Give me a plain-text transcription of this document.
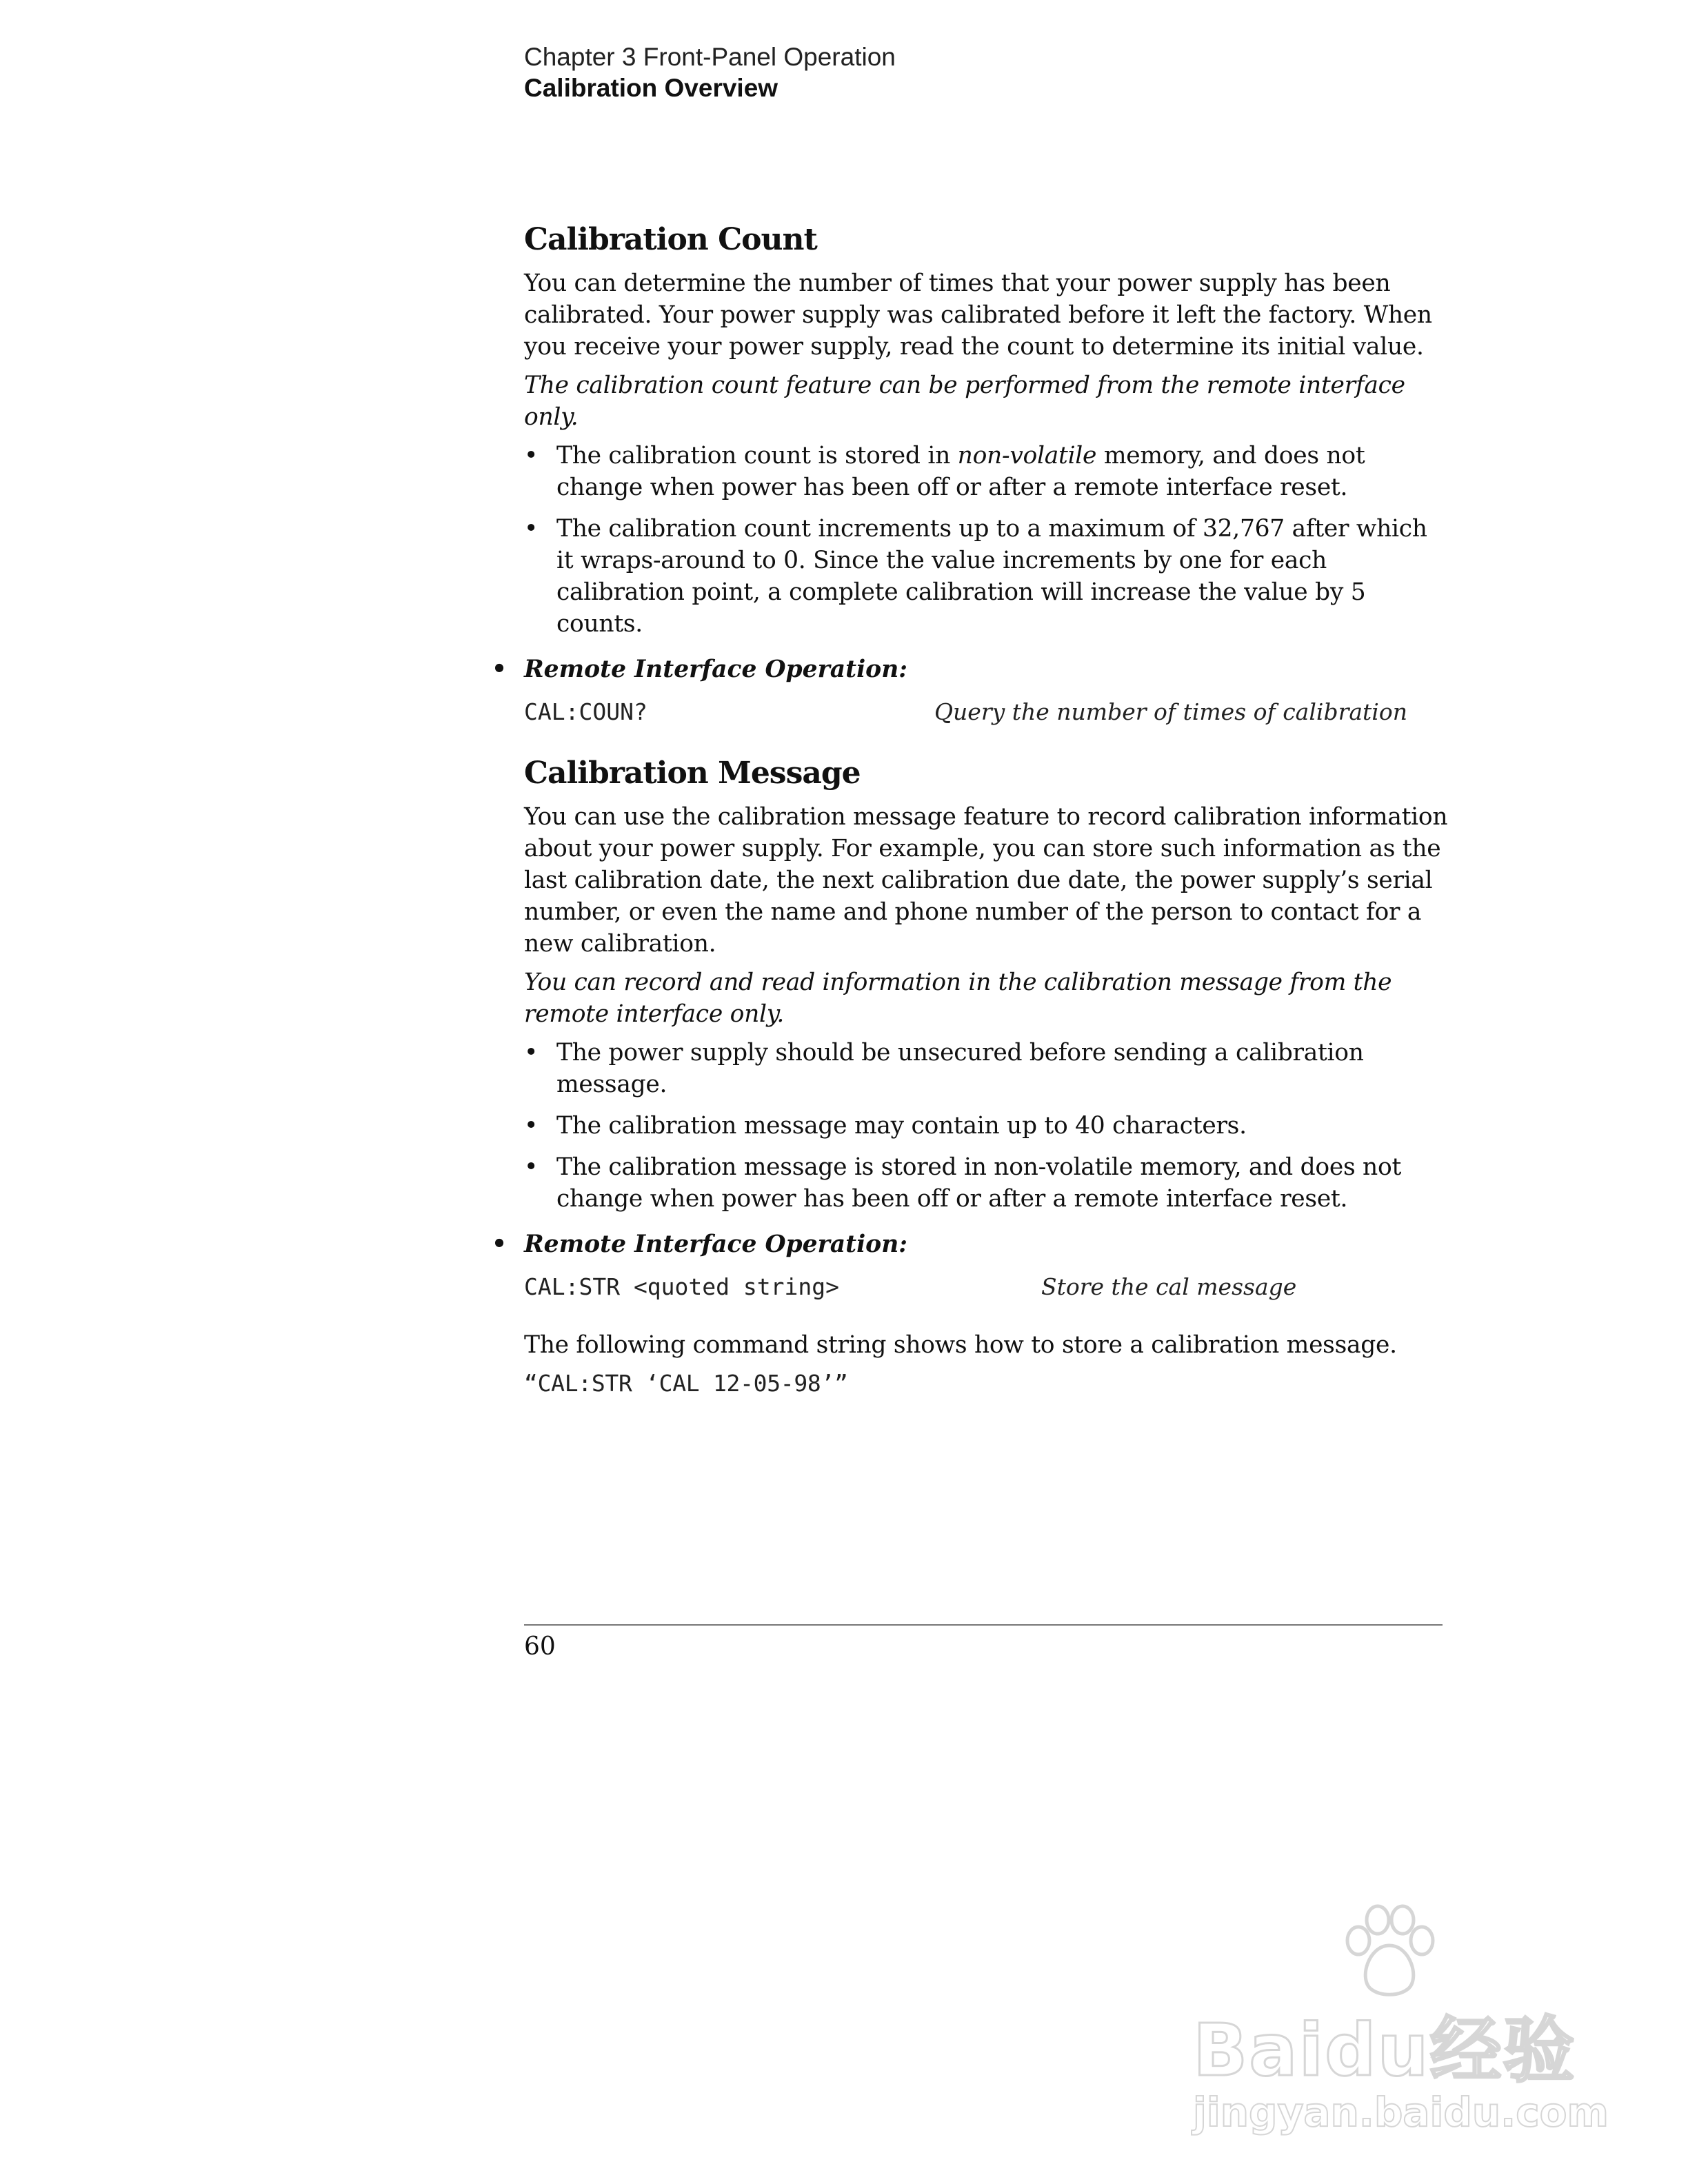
Chapter 3 Front-Panel Operation
Calibration Overview
Calibration Count

You can determine the number of times that your power supply has been calibrated. Your power supply was calibrated before it left the factory. When you receive your power supply, read the count to determine its initial value.

The calibration count feature can be performed from the remote interface only.

• The calibration count is stored in non-volatile memory, and does not change when power has been off or after a remote interface reset.
• The calibration count increments up to a maximum of 32,767 after which it wraps-around to 0. Since the value increments by one for each calibration point, a complete calibration will increase the value by 5 counts.
• Remote Interface Operation:
CAL:COUN?	Query the number of times of calibration
Calibration Message

You can use the calibration message feature to record calibration information about your power supply. For example, you can store such information as the last calibration date, the next calibration due date, the power supply’s serial number, or even the name and phone number of the person to contact for a new calibration.

You can record and read information in the calibration message from the remote interface only.

• The power supply should be unsecured before sending a calibration message.
• The calibration message may contain up to 40 characters.
• The calibration message is stored in non-volatile memory, and does not change when power has been off or after a remote interface reset.
• Remote Interface Operation:
CAL:STR <quoted string>	Store the cal message

The following command string shows how to store a calibration message.

“CAL:STR ‘CAL 12-05-98’”

60
Baidu经验
jingyan.baidu.com
